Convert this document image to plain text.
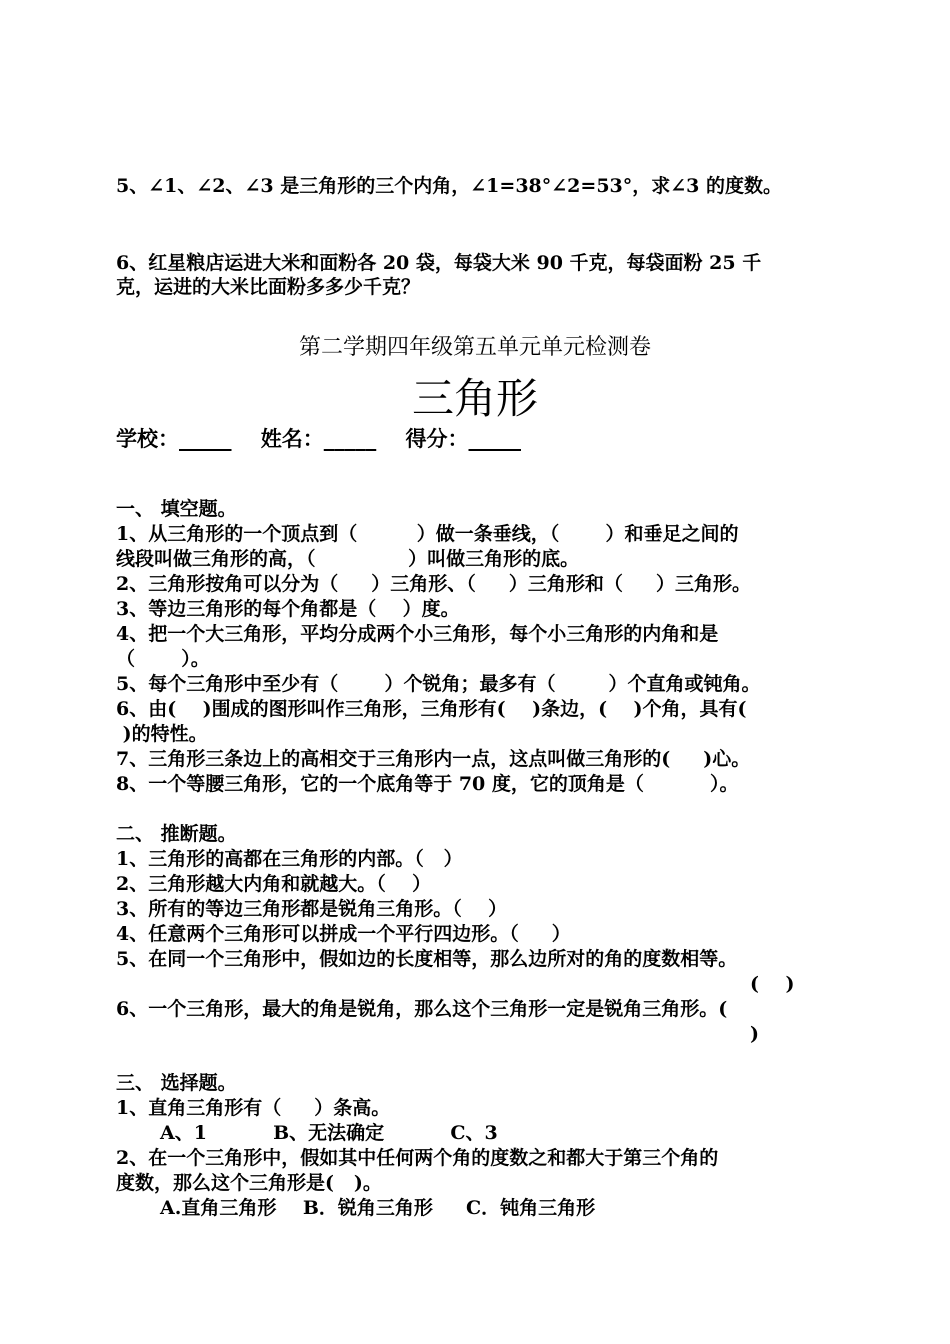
5、∠1、∠2、∠3 是三角形的三个内角，∠1=38°∠2=53°，求∠3 的度数。
6、红星粮店运进大米和面粉各 20 袋，每袋大米 90 千克，每袋面粉 25 千
克，运进的大米比面粉多多少千克？
第二学期四年级第五单元单元检测卷
三角形
学校：_____    姓名：_____    得分：_____
一、 填空题。
1、从三角形的一个顶点到（         ）做一条垂线，（       ）和垂足之间的
线段叫做三角形的高，（              ）叫做三角形的底。
2、三角形按角可以分为（     ）三角形、（     ）三角形和（     ）三角形。
3、等边三角形的每个角都是（    ）度。
4、把一个大三角形，平均分成两个小三角形，每个小三角形的内角和是
（       ）。
5、每个三角形中至少有（       ）个锐角；最多有（        ）个直角或钝角。
6、由(    )围成的图形叫作三角形，三角形有(    )条边，(    )个角，具有(
)的特性。
7、三角形三条边上的高相交于三角形内一点，这点叫做三角形的(     )心。
8、一个等腰三角形，它的一个底角等于 70 度，它的顶角是（          ）。
二、 推断题。
1、三角形的高都在三角形的内部。（   ）
2、三角形越大内角和就越大。（    ）
3、所有的等边三角形都是锐角三角形。（    ）
4、任意两个三角形可以拼成一个平行四边形。（     ）
5、在同一个三角形中，假如边的长度相等，那么边所对的角的度数相等。
(    )
6、一个三角形，最大的角是锐角，那么这个三角形一定是锐角三角形。(
)
三、 选择题。
1、直角三角形有（     ）条高。
A、1          B、无法确定          C、3
2、在一个三角形中，假如其中任何两个角的度数之和都大于第三个角的
度数，那么这个三角形是(   )。
A.直角三角形    B．锐角三角形     C．钝角三角形
